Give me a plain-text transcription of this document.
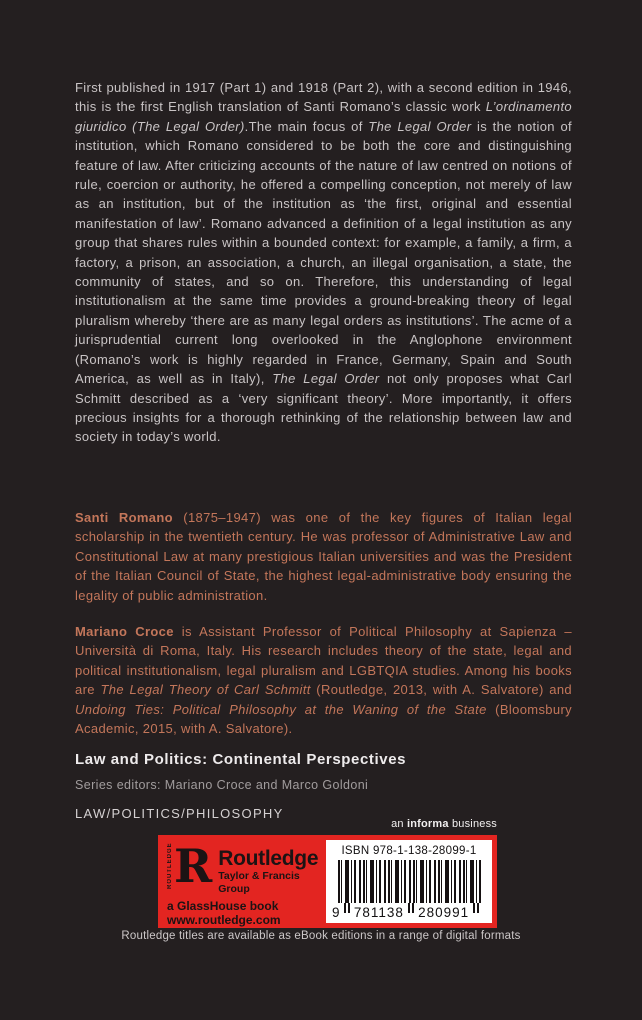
First published in 1917 (Part 1) and 1918 (Part 2), with a second edition in 1946, this is the first English translation of Santi Romano’s classic work L’ordinamento giuridico (The Legal Order).The main focus of The Legal Order is the notion of institution, which Romano considered to be both the core and distinguishing feature of law. After criticizing accounts of the nature of law centred on notions of rule, coercion or authority, he offered a compelling conception, not merely of law as an institution, but of the institution as ‘the first, original and essential manifestation of law’. Romano advanced a definition of a legal institution as any group that shares rules within a bounded context: for example, a family, a firm, a factory, a prison, an association, a church, an illegal organisation, a state, the community of states, and so on. Therefore, this understanding of legal institutionalism at the same time provides a ground-breaking theory of legal pluralism whereby ‘there are as many legal orders as institutions’. The acme of a jurisprudential current long overlooked in the Anglophone environment (Romano’s work is highly regarded in France, Germany, Spain and South America, as well as in Italy), The Legal Order not only proposes what Carl Schmitt described as a ‘very significant theory’. More importantly, it offers precious insights for a thorough rethinking of the relationship between law and society in today’s world.

Santi Romano (1875–1947) was one of the key figures of Italian legal scholarship in the twentieth century. He was professor of Administrative Law and Constitutional Law at many prestigious Italian universities and was the President of the Italian Council of State, the highest legal-administrative body ensuring the legality of public administration.

Mariano Croce is Assistant Professor of Political Philosophy at Sapienza – Università di Roma, Italy. His research includes theory of the state, legal and political institutionalism, legal pluralism and LGBTQIA studies. Among his books are The Legal Theory of Carl Schmitt (Routledge, 2013, with A. Salvatore) and Undoing Ties: Political Philosophy at the Waning of the State (Bloomsbury Academic, 2015, with A. Salvatore).

Law and Politics: Continental Perspectives
Series editors: Mariano Croce and Marco Goldoni
LAW/POLITICS/PHILOSOPHY
an informa business
ROUTLEDGE R Routledge
Taylor & Francis Group
a GlassHouse book
www.routledge.com
ISBN 978-1-138-28099-1
9 781138 280991
Routledge titles are available as eBook editions in a range of digital formats
